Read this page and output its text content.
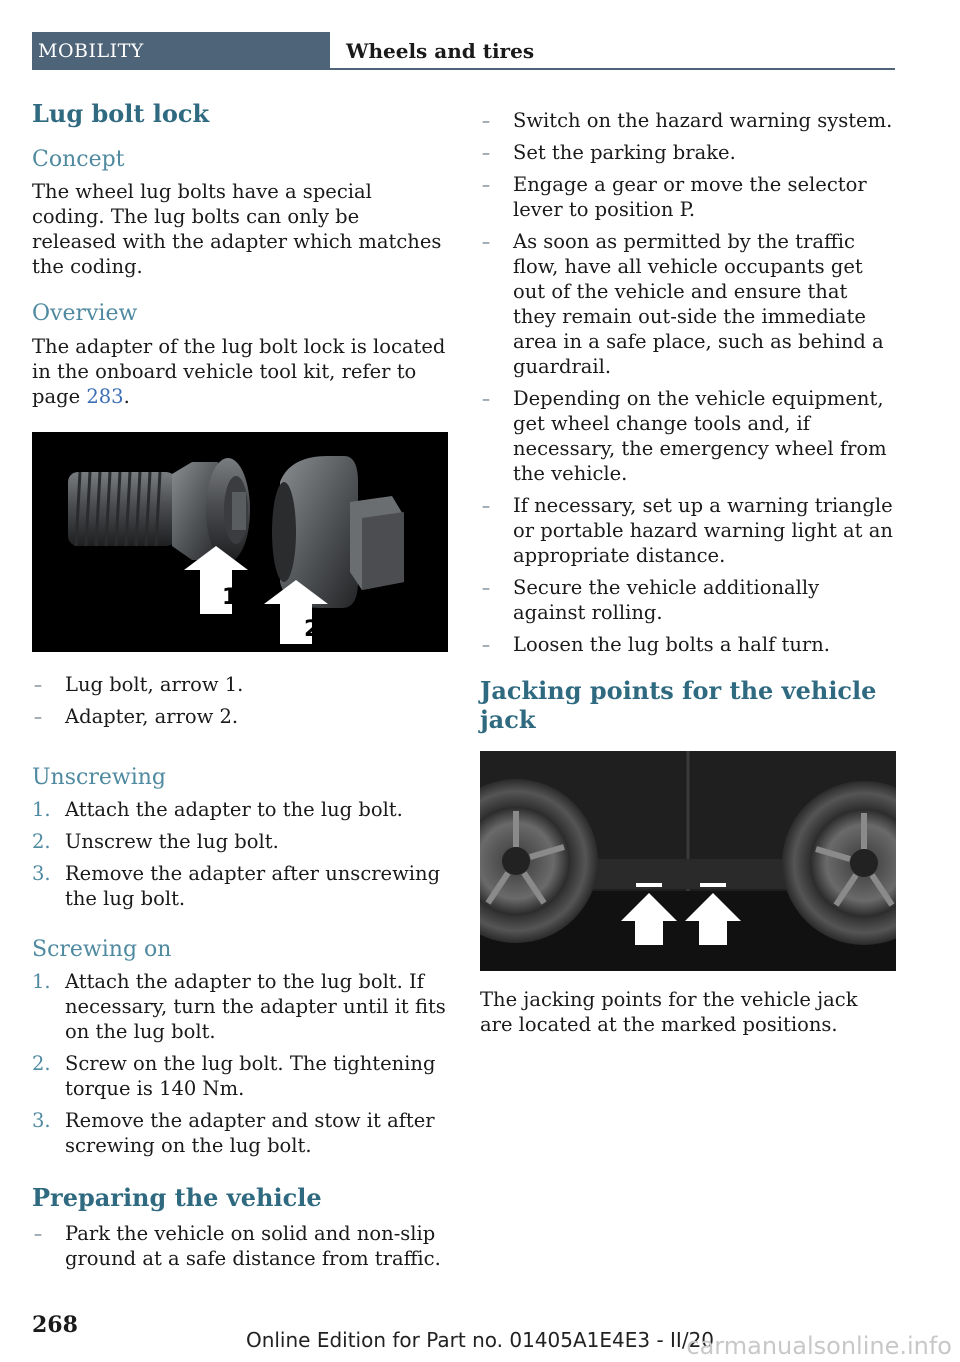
MOBILITY	Wheels and tires
Lug bolt lock
Concept

The wheel lug bolts have a special coding. The lug bolts can only be released with the adapter which matches the coding.

Overview

The adapter of the lug bolt lock is located in the onboard vehicle tool kit, refer to page 283.

1
2
– Lug bolt, arrow 1.
– Adapter, arrow 2.
Unscrewing
1. Attach the adapter to the lug bolt.
2. Unscrew the lug bolt.
3. Remove the adapter after unscrewing the lug bolt.
Screwing on
1. Attach the adapter to the lug bolt. If necessary, turn the adapter until it fits on the lug bolt.
2. Screw on the lug bolt. The tightening torque is 140 Nm.
3. Remove the adapter and stow it after screwing on the lug bolt.
Preparing the vehicle
– Park the vehicle on solid and non-slip ground at a safe distance from traffic.
– Switch on the hazard warning system.
– Set the parking brake.
– Engage a gear or move the selector lever to position P.
– As soon as permitted by the traffic flow, have all vehicle occupants get out of the vehicle and ensure that they remain out-side the immediate area in a safe place, such as behind a guardrail.
– Depending on the vehicle equipment, get wheel change tools and, if necessary, the emergency wheel from the vehicle.
– If necessary, set up a warning triangle or portable hazard warning light at an appropriate distance.
– Secure the vehicle additionally against rolling.
– Loosen the lug bolts a half turn.
Jacking points for the vehicle jack

The jacking points for the vehicle jack are located at the marked positions.

268
Online Edition for Part no. 01405A1E4E3 - II/20
carmanualsonline.info
